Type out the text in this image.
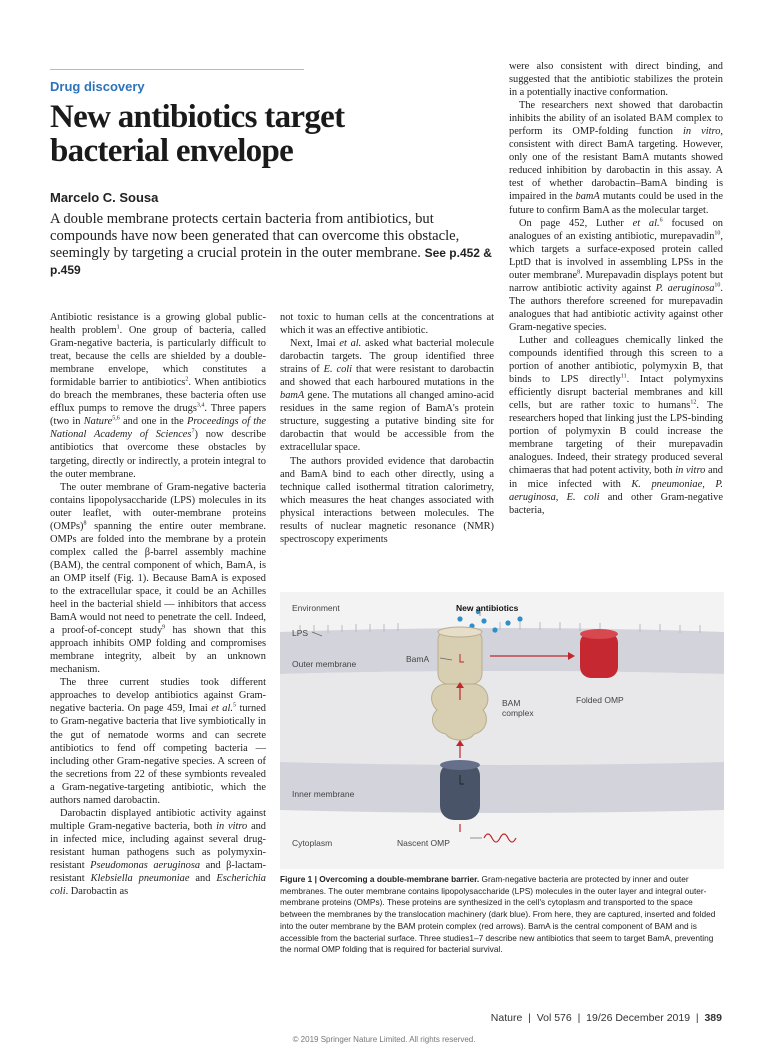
Drug discovery
New antibiotics target bacterial envelope
Marcelo C. Sousa
A double membrane protects certain bacteria from antibiotics, but compounds have now been generated that can overcome this obstacle, seemingly by targeting a crucial protein in the outer membrane. See p.452 & p.459

Antibiotic resistance is a growing global public-health problem$^1$. One group of bacteria, called Gram-negative bacteria, is particularly difficult to treat, because the cells are shielded by a double-membrane envelope, which constitutes a formidable barrier to antibiotics$^2$. When antibiotics do breach the membranes, these bacteria often use efflux pumps to remove the drugs$^{3,4}$. Three papers (two in Nature$^{5,6}$ and one in the Proceedings of the National Academy of Sciences$^7$) now describe antibiotics that overcome these obstacles by targeting, directly or indirectly, a protein integral to the outer membrane.

The outer membrane of Gram-negative bacteria contains lipopolysaccharide (LPS) molecules in its outer leaflet, with outer-membrane proteins (OMPs)$^8$ spanning the entire outer membrane. OMPs are folded into the membrane by a protein complex called the β-barrel assembly machine (BAM), the central component of which, BamA, is an OMP itself (Fig. 1). Because BamA is exposed to the extracellular space, it could be an Achilles heel in the bacterial shield — inhibitors that access BamA would not need to penetrate the cell. Indeed, a proof-of-concept study$^9$ has shown that this approach inhibits OMP folding and compromises membrane integrity, albeit by an unknown mechanism.

The three current studies took different approaches to develop antibiotics against Gram-negative bacteria. On page 459, Imai et al.$^5$ turned to Gram-negative bacteria that live symbiotically in the gut of nematode worms and can secrete antibiotics to fend off competing bacteria — including other Gram-negative species. A screen of the secretions from 22 of these symbionts revealed a Gram-negative-targeting antibiotic, which the authors named darobactin.

Darobactin displayed antibiotic activity against multiple Gram-negative bacteria, both in vitro and in infected mice, including against several drug-resistant human pathogens such as polymyxin-resistant Pseudomonas aeruginosa and β-lactam-resistant Klebsiella pneumoniae and Escherichia coli. Darobactin as

not toxic to human cells at the concentrations at which it was an effective antibiotic.

Next, Imai et al. asked what bacterial molecule darobactin targets. The group identified three strains of E. coli that were resistant to darobactin and showed that each harboured mutations in the bamA gene. The mutations all changed amino-acid residues in the same region of BamA's protein structure, suggesting a putative binding site for darobactin that would be accessible from the extracellular space.

The authors provided evidence that darobactin and BamA bind to each other directly, using a technique called isothermal titration calorimetry, which measures the heat changes associated with physical interactions between molecules. The results of nuclear magnetic resonance (NMR) spectroscopy experiments

were also consistent with direct binding, and suggested that the antibiotic stabilizes the protein in a potentially inactive conformation.

The researchers next showed that darobactin inhibits the ability of an isolated BAM complex to perform its OMP-folding function in vitro, consistent with direct BamA targeting. However, only one of the resistant BamA mutants showed reduced inhibition by darobactin in this assay. A test of whether darobactin–BamA binding is impaired in the bamA mutants could be used in the future to confirm BamA as the molecular target.

On page 452, Luther et al.$^6$ focused on analogues of an existing antibiotic, murepavadin$^{10}$, which targets a surface-exposed protein called LptD that is involved in assembling LPSs in the outer membrane$^8$. Murepavadin displays potent but narrow antibiotic activity against P. aeruginosa$^{10}$. The authors therefore screened for murepavadin analogues that had antibiotic activity against other Gram-negative species.

Luther and colleagues chemically linked the compounds identified through this screen to a portion of another antibiotic, polymyxin B, that binds to LPS directly$^{11}$. Intact polymyxins efficiently disrupt bacterial membranes and kill cells, but are rather toxic to humans$^{12}$. The researchers hoped that linking just the LPS-binding portion of polymyxin B could increase the membrane targeting of their murepavadin analogues. Indeed, their strategy produced several chimaeras that had potent activity, both in vitro and in mice infected with K. pneumoniae, P. aeruginosa, E. coli and other Gram-negative bacteria,

Environment	New antibiotics
LPS
Outer membrane	BamA
BAM complex
Folded OMP
Inner membrane
Cytoplasm	Nascent OMP
Figure 1 | Overcoming a double-membrane barrier. Gram-negative bacteria are protected by inner and outer membranes. The outer membrane contains lipopolysaccharide (LPS) molecules in the outer layer and integral outer-membrane proteins (OMPs). These proteins are synthesized in the cell's cytoplasm and transported to the space between the membranes by the translocation machinery (dark blue). From here, they are captured, inserted and folded into the outer membrane by the BAM protein complex (red arrows). BamA is the central component of BAM and is accessible from the bacterial surface. Three studies1–7 describe new antibiotics that seem to target BamA, preventing the normal OMP folding that is required for bacterial survival.
Nature  |  Vol 576  |  19/26 December 2019  |  389
© 2019 Springer Nature Limited. All rights reserved.
